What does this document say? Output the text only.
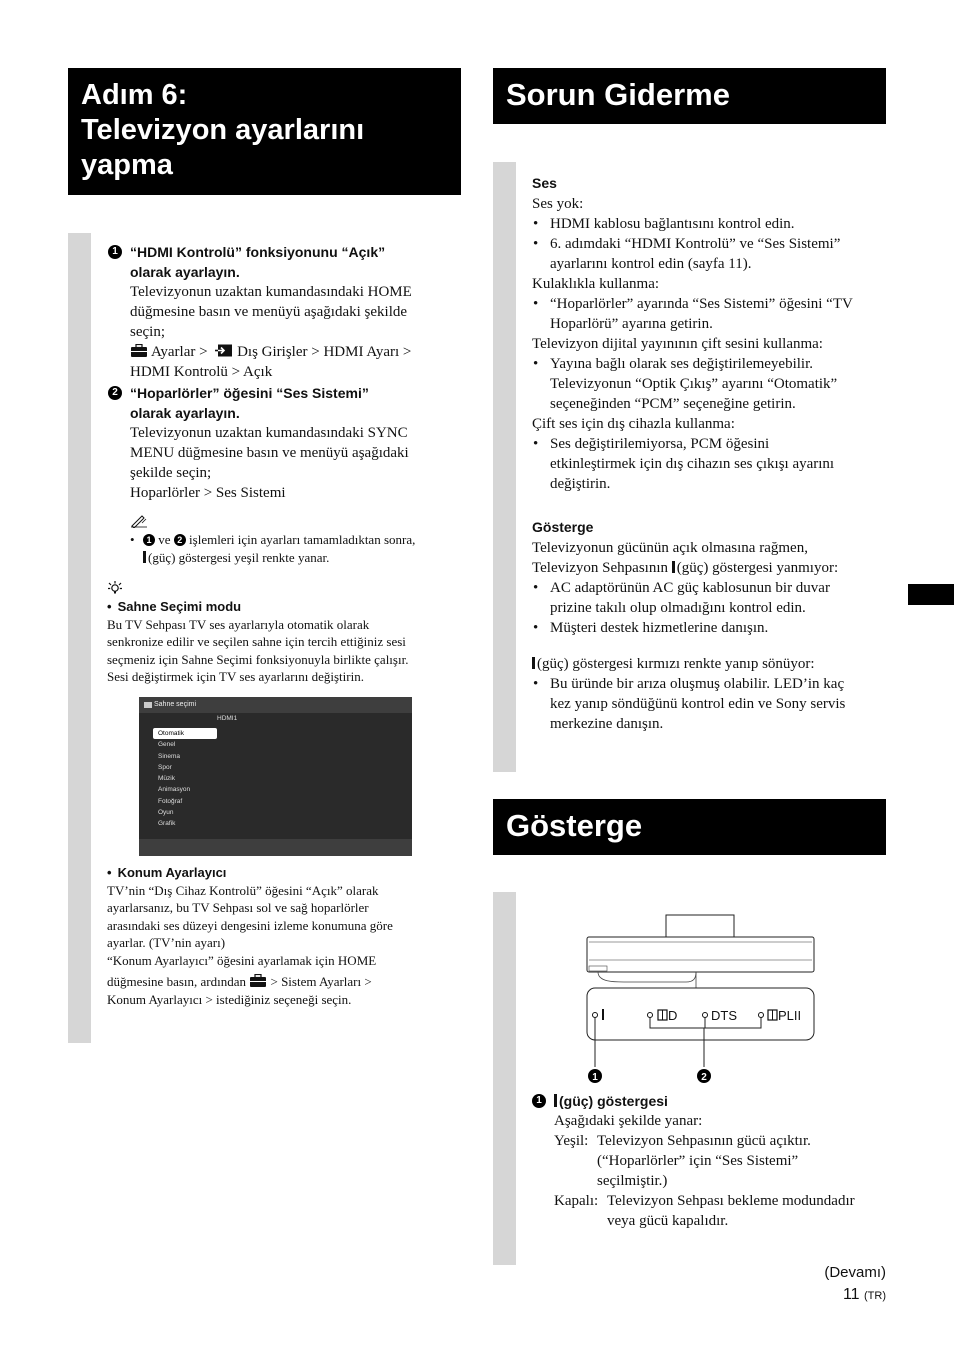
Adım 6:
Televizyon ayarlarını
yapma
1 “HDMI Kontrolü” fonksiyonunu “Açık”
olarak ayarlayın.
Televizyonun uzaktan kumandasındaki HOME
düğmesine basın ve menüyü aşağıdaki şekilde
seçin;
Ayarlar > Dış Girişler > HDMI Ayarı >
HDMI Kontrolü > Açık
2 “Hoparlörler” öğesini “Ses Sistemi”
olarak ayarlayın.
Televizyonun uzaktan kumandasındaki SYNC
MENU düğmesine basın ve menüyü aşağıdaki
şekilde seçin;
Hoparlörler > Ses Sistemi
• 1 ve 2 işlemleri için ayarları tamamladıktan sonra,
(güç) göstergesi yeşil renkte yanar.
• Sahne Seçimi modu
Bu TV Sehpası TV ses ayarlarıyla otomatik olarak
senkronize edilir ve seçilen sahne için tercih ettiğiniz sesi
seçmeniz için Sahne Seçimi fonksiyonuyla birlikte çalışır.
Sesi değiştirmek için TV ses ayarlarını değiştirin.
Sahne seçimi
HDMI1
Otomatik
Genel
Sinema
Spor
Müzik
Animasyon
Fotoğraf
Oyun
Grafik
• Konum Ayarlayıcı
TV’nin “Dış Cihaz Kontrolü” öğesini “Açık” olarak
ayarlarsanız, bu TV Sehpası sol ve sağ hoparlörler
arasındaki ses düzeyi dengesini izleme konumuna göre
ayarlar. (TV’nin ayarı)
“Konum Ayarlayıcı” öğesini ayarlamak için HOME
düğmesine basın, ardından > Sistem Ayarları >
Konum Ayarlayıcı > istediğiniz seçeneği seçin.
Sorun Giderme
Ses
Ses yok:
• HDMI kablosu bağlantısını kontrol edin.
• 6. adımdaki “HDMI Kontrolü” ve “Ses Sistemi”
ayarlarını kontrol edin (sayfa 11).
Kulaklıkla kullanma:
• “Hoparlörler” ayarında “Ses Sistemi” öğesini “TV
Hoparlörü” ayarına getirin.
Televizyon dijital yayınının çift sesini kullanma:
• Yayına bağlı olarak ses değiştirilemeyebilir.
Televizyonun “Optik Çıkış” ayarını “Otomatik”
seçeneğinden “PCM” seçeneğine getirin.
Çift ses için dış cihazla kullanma:
• Ses değiştirilemiyorsa, PCM öğesini
etkinleştirmek için dış cihazın ses çıkışı ayarını
değiştirin.
Gösterge
Televizyonun gücünün açık olmasına rağmen,
Televizyon Sehpasının (güç) göstergesi yanmıyor:
• AC adaptörünün AC güç kablosunun bir duvar
prizine takılı olup olmadığını kontrol edin.
• Müşteri destek hizmetlerine danışın.
(güç) göstergesi kırmızı renkte yanıp sönüyor:
• Bu üründe bir arıza oluşmuş olabilir. LED’in kaç
kez yanıp söndüğünü kontrol edin ve Sony servis
merkezine danışın.
Gösterge
D	DTS	PLII
1	2
1	(güç) göstergesi
Aşağıdaki şekilde yanar:
Yeşil: Televizyon Sehpasının gücü açıktır.
(“Hoparlörler” için “Ses Sistemi”
seçilmiştir.)
Kapalı: Televizyon Sehpası bekleme modundadır
veya gücü kapalıdır.
(Devamı)
11 (TR)
